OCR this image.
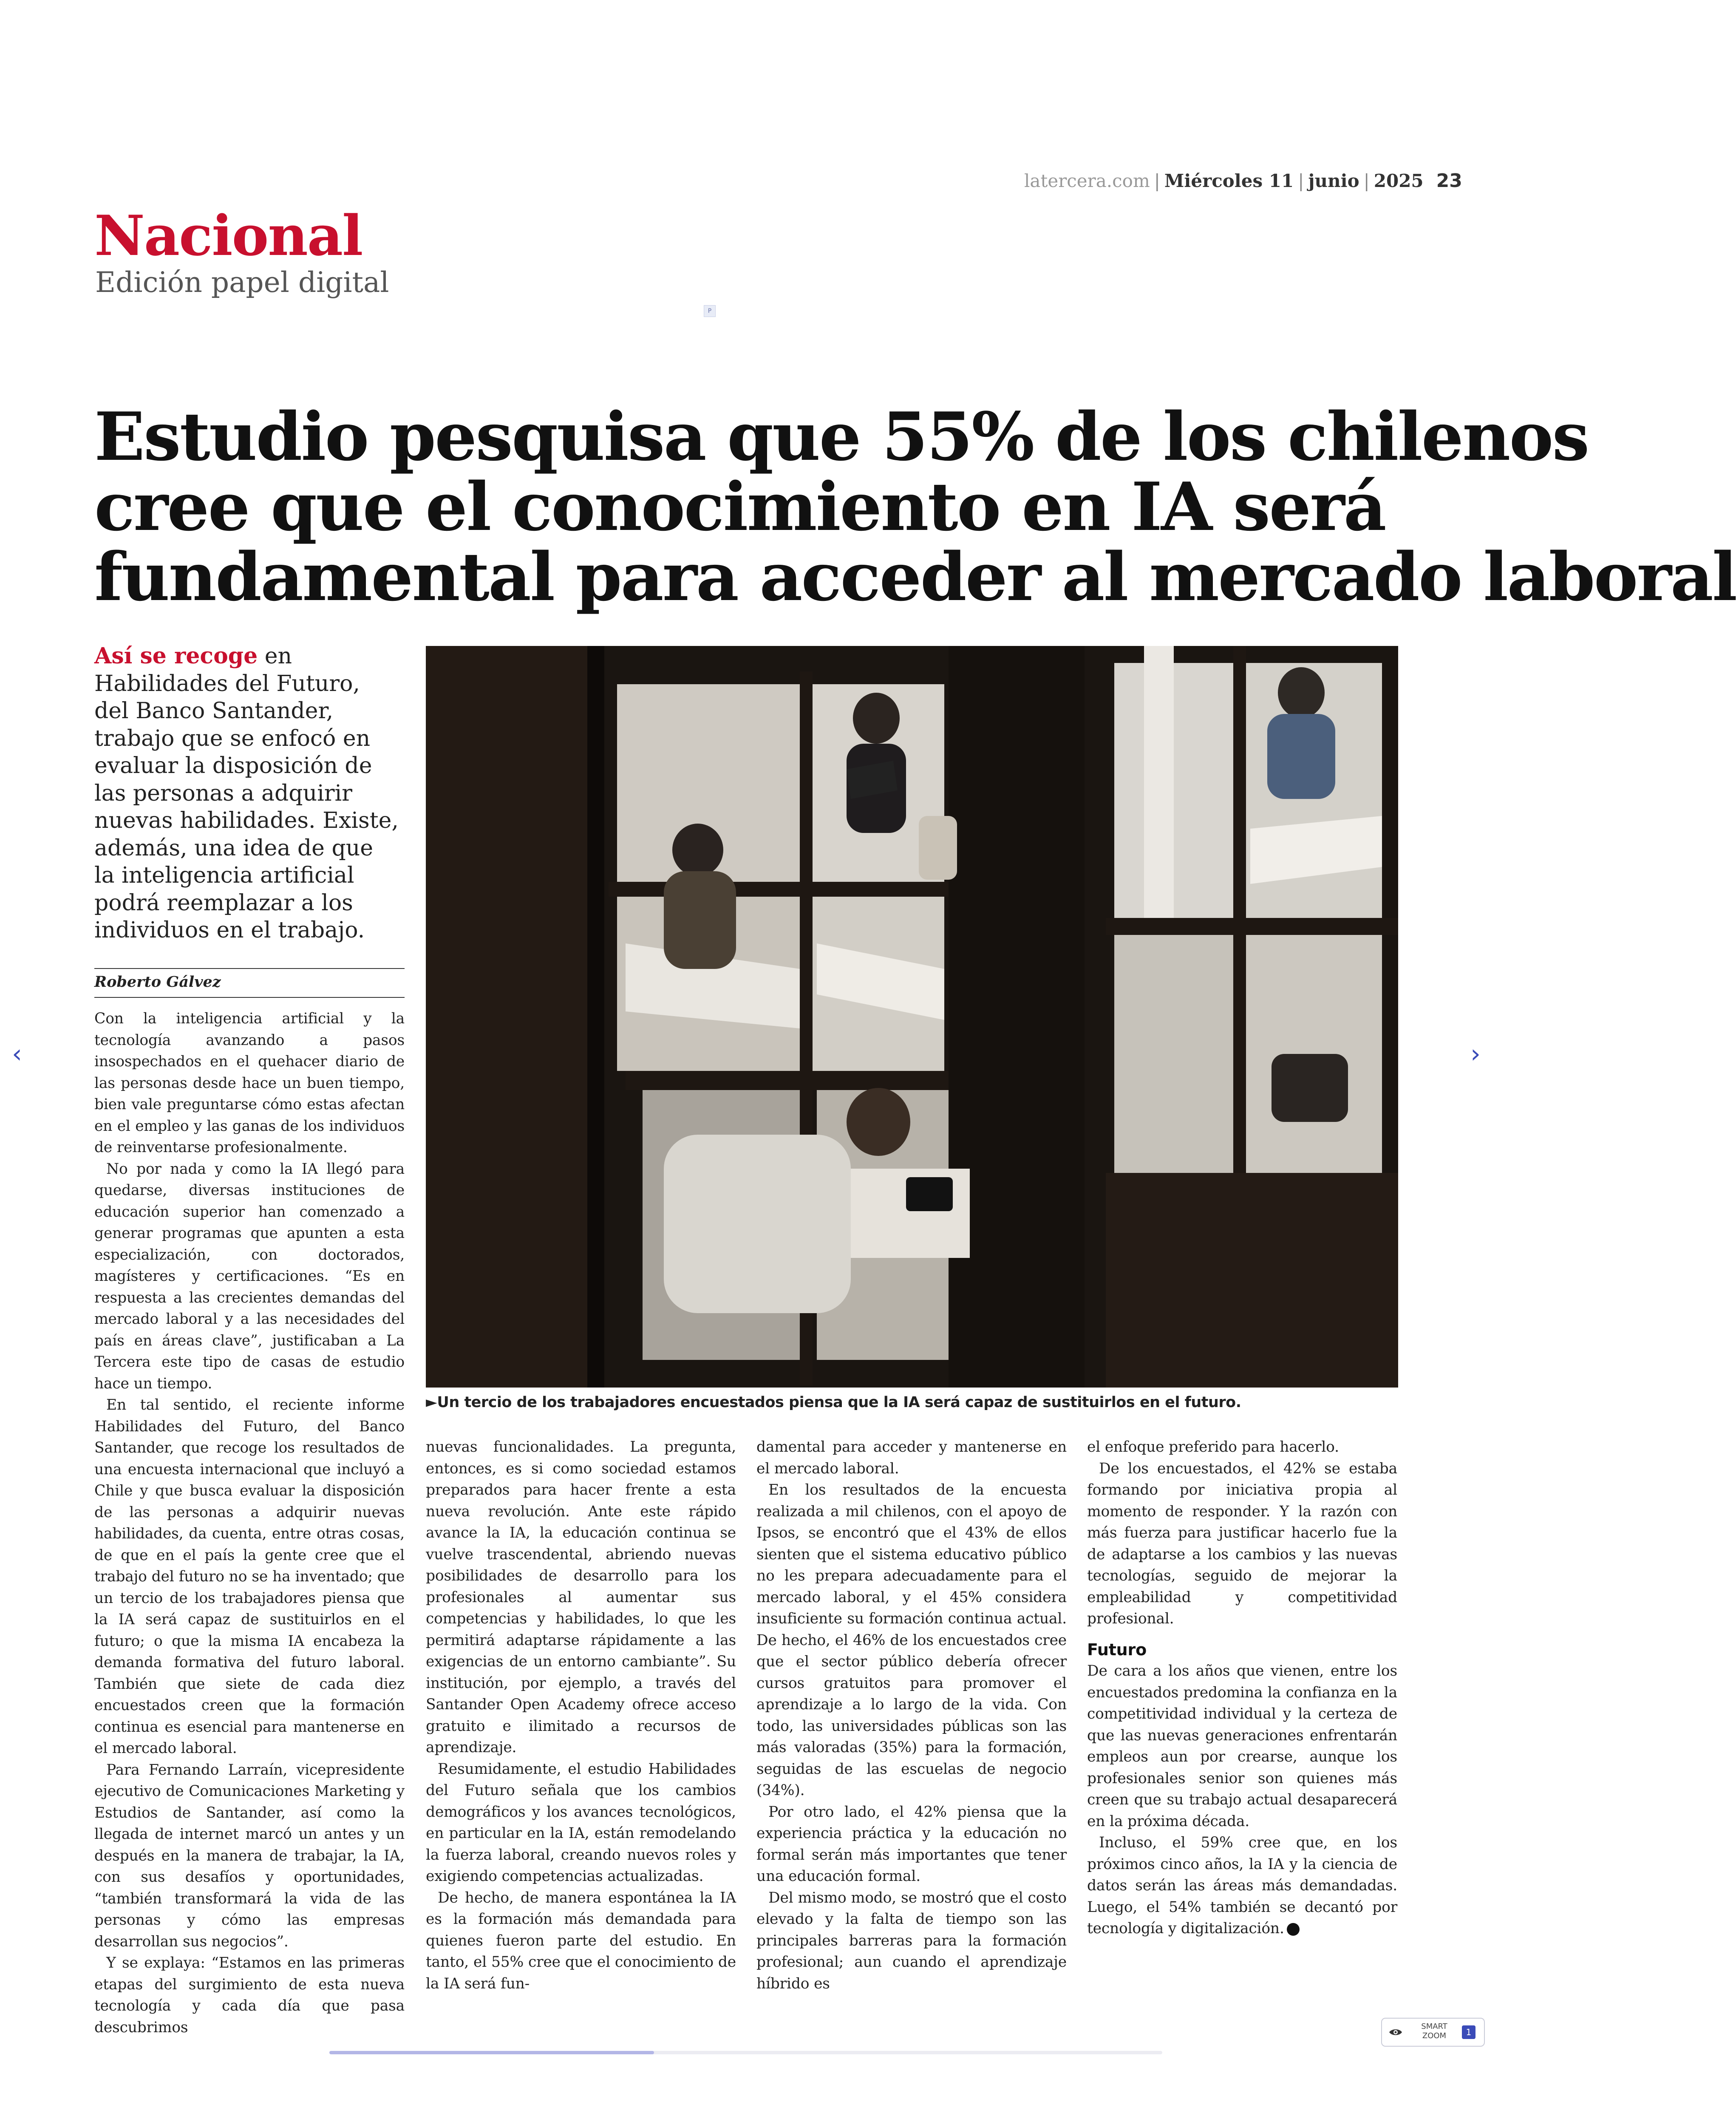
latercera.com | Miércoles 11 | junio | 2025 23
Nacional
Edición papel digital
P
Estudio pesquisa que 55% de los chilenos
cree que el conocimiento en IA será
fundamental para acceder al mercado laboral
Así se recoge en Habilidades del Futuro, del Banco Santander, trabajo que se enfocó en evaluar la disposición de las personas a adquirir nuevas habilidades. Existe, además, una idea de que la inteligencia artificial podrá reemplazar a los individuos en el trabajo.
Roberto Gálvez
►Un tercio de los trabajadores encuestados piensa que la IA será capaz de sustituirlos en el futuro.

Con la inteligencia artificial y la tecnología avanzando a pasos insospechados en el quehacer diario de las personas desde hace un buen tiempo, bien vale preguntarse cómo estas afectan en el empleo y las ganas de los individuos de reinventarse profesionalmente.

No por nada y como la IA llegó para quedarse, diversas instituciones de educación superior han comenzado a generar programas que apunten a esta especialización, con doctorados, magísteres y certificaciones. “Es en respuesta a las crecientes demandas del mercado laboral y a las necesidades del país en áreas clave”, justificaban a La Tercera este tipo de casas de estudio hace un tiempo.

En tal sentido, el reciente informe Habilidades del Futuro, del Banco Santander, que recoge los resultados de una encuesta internacional que incluyó a Chile y que busca evaluar la disposición de las personas a adquirir nuevas habilidades, da cuenta, entre otras cosas, de que en el país la gente cree que el trabajo del futuro no se ha inventado; que un tercio de los trabajadores piensa que la IA será capaz de sustituirlos en el futuro; o que la misma IA encabeza la demanda formativa del futuro laboral. También que siete de cada diez encuestados creen que la formación continua es esencial para mantenerse en el mercado laboral.

Para Fernando Larraín, vicepresidente ejecutivo de Comunicaciones Marketing y Estudios de Santander, así como la llegada de internet marcó un antes y un después en la manera de trabajar, la IA, con sus desafíos y oportunidades, “también transformará la vida de las personas y cómo las empresas desarrollan sus negocios”.

Y se explaya: “Estamos en las primeras etapas del surgimiento de esta nueva tecnología y cada día que pasa descubrimos

nuevas funcionalidades. La pregunta, entonces, es si como sociedad estamos preparados para hacer frente a esta nueva revolución. Ante este rápido avance la IA, la educación continua se vuelve trascendental, abriendo nuevas posibilidades de desarrollo para los profesionales al aumentar sus competencias y habilidades, lo que les permitirá adaptarse rápidamente a las exigencias de un entorno cambiante”. Su institución, por ejemplo, a través del Santander Open Academy ofrece acceso gratuito e ilimitado a recursos de aprendizaje.

Resumidamente, el estudio Habilidades del Futuro señala que los cambios demográficos y los avances tecnológicos, en particular en la IA, están remodelando la fuerza laboral, creando nuevos roles y exigiendo competencias actualizadas.

De hecho, de manera espontánea la IA es la formación más demandada para quienes fueron parte del estudio. En tanto, el 55% cree que el conocimiento de la IA será fun-

damental para acceder y mantenerse en el mercado laboral.

En los resultados de la encuesta realizada a mil chilenos, con el apoyo de Ipsos, se encontró que el 43% de ellos sienten que el sistema educativo público no les prepara adecuadamente para el mercado laboral, y el 45% considera insuficiente su formación continua actual. De hecho, el 46% de los encuestados cree que el sector público debería ofrecer cursos gratuitos para promover el aprendizaje a lo largo de la vida. Con todo, las universidades públicas son las más valoradas (35%) para la formación, seguidas de las escuelas de negocio (34%).

Por otro lado, el 42% piensa que la experiencia práctica y la educación no formal serán más importantes que tener una educación formal.

Del mismo modo, se mostró que el costo elevado y la falta de tiempo son las principales barreras para la formación profesional; aun cuando el aprendizaje híbrido es

el enfoque preferido para hacerlo.

De los encuestados, el 42% se estaba formando por iniciativa propia al momento de responder. Y la razón con más fuerza para justificar hacerlo fue la de adaptarse a los cambios y las nuevas tecnologías, seguido de mejorar la empleabilidad y competitividad profesional.

Futuro

De cara a los años que vienen, entre los encuestados predomina la confianza en la competitividad individual y la certeza de que las nuevas generaciones enfrentarán empleos aun por crearse, aunque los profesionales senior son quienes más creen que su trabajo actual desaparecerá en la próxima década.

Incluso, el 59% cree que, en los próximos cinco años, la IA y la ciencia de datos serán las áreas más demandadas. Luego, el 54% también se decantó por tecnología y digitalización.

‹	›
SMART
ZOOM	1
